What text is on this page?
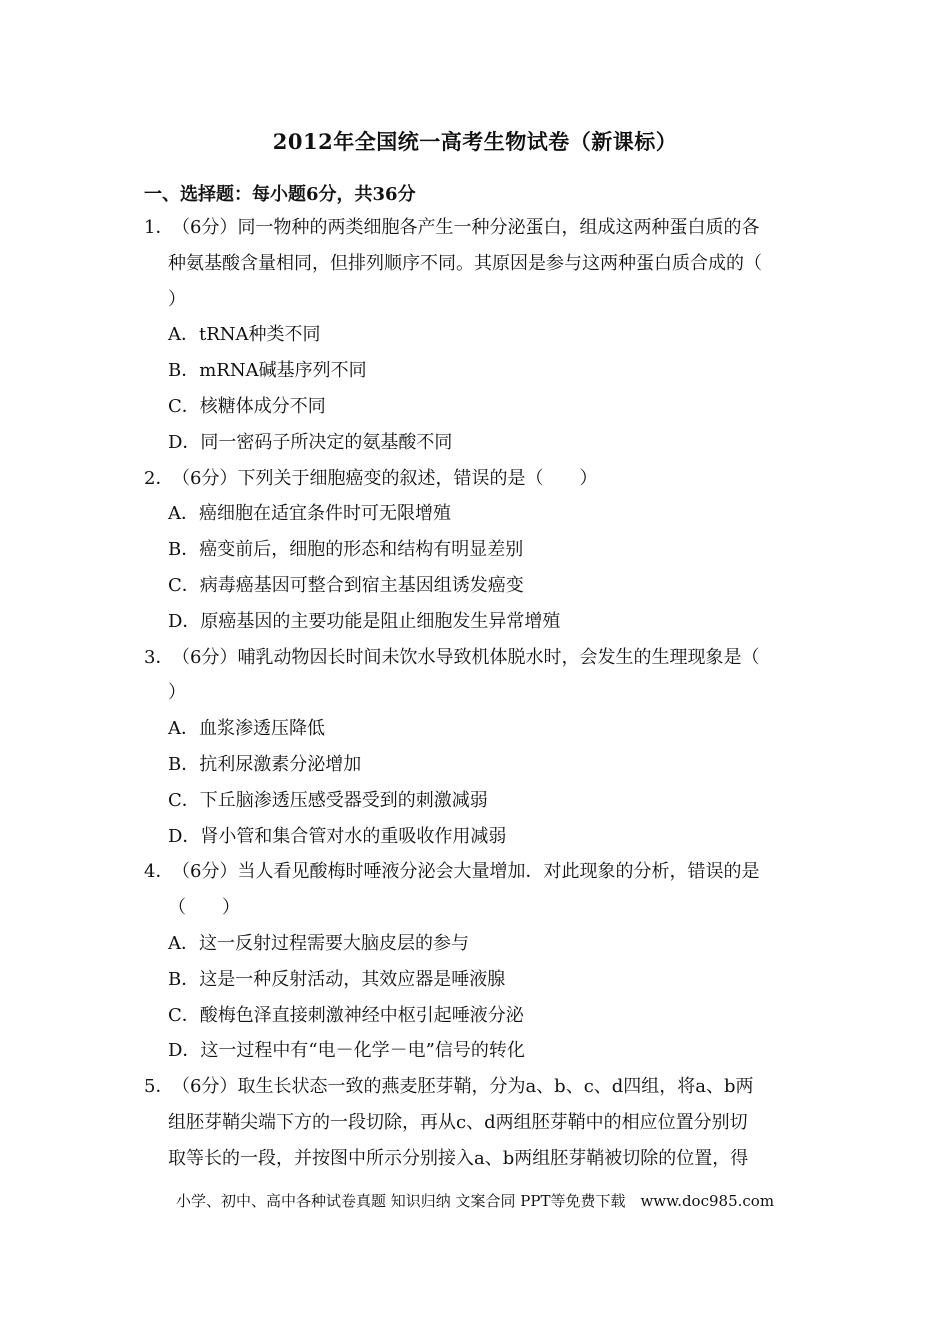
2012年全国统一高考生物试卷（新课标）
一、选择题：每小题6分，共36分
1．
（6分）同一物种的两类细胞各产生一种分泌蛋白，组成这两种蛋白质的各
种氨基酸含量相同，但排列顺序不同。其原因是参与这两种蛋白质合成的（
）
A．tRNA种类不同
B．mRNA碱基序列不同
C．核糖体成分不同
D．同一密码子所决定的氨基酸不同
2．
（6分）下列关于细胞癌变的叙述，错误的是（　　）
A．癌细胞在适宜条件时可无限增殖
B．癌变前后，细胞的形态和结构有明显差别
C．病毒癌基因可整合到宿主基因组诱发癌变
D．原癌基因的主要功能是阻止细胞发生异常增殖
3．
（6分）哺乳动物因长时间未饮水导致机体脱水时，会发生的生理现象是（
）
A．血浆渗透压降低
B．抗利尿激素分泌增加
C．下丘脑渗透压感受器受到的刺激减弱
D．肾小管和集合管对水的重吸收作用减弱
4．
（6分）当人看见酸梅时唾液分泌会大量增加．对此现象的分析，错误的是
（　　）
A．这一反射过程需要大脑皮层的参与
B．这是一种反射活动，其效应器是唾液腺
C．酸梅色泽直接刺激神经中枢引起唾液分泌
D．这一过程中有“电－化学－电”信号的转化
5．
（6分）取生长状态一致的燕麦胚芽鞘，分为a、b、c、d四组，将a、b两
组胚芽鞘尖端下方的一段切除，再从c、d两组胚芽鞘中的相应位置分别切
取等长的一段，并按图中所示分别接入a、b两组胚芽鞘被切除的位置，得
小学、初中、高中各种试卷真题 知识归纳 文案合同 PPT等免费下载　www.doc985.com
